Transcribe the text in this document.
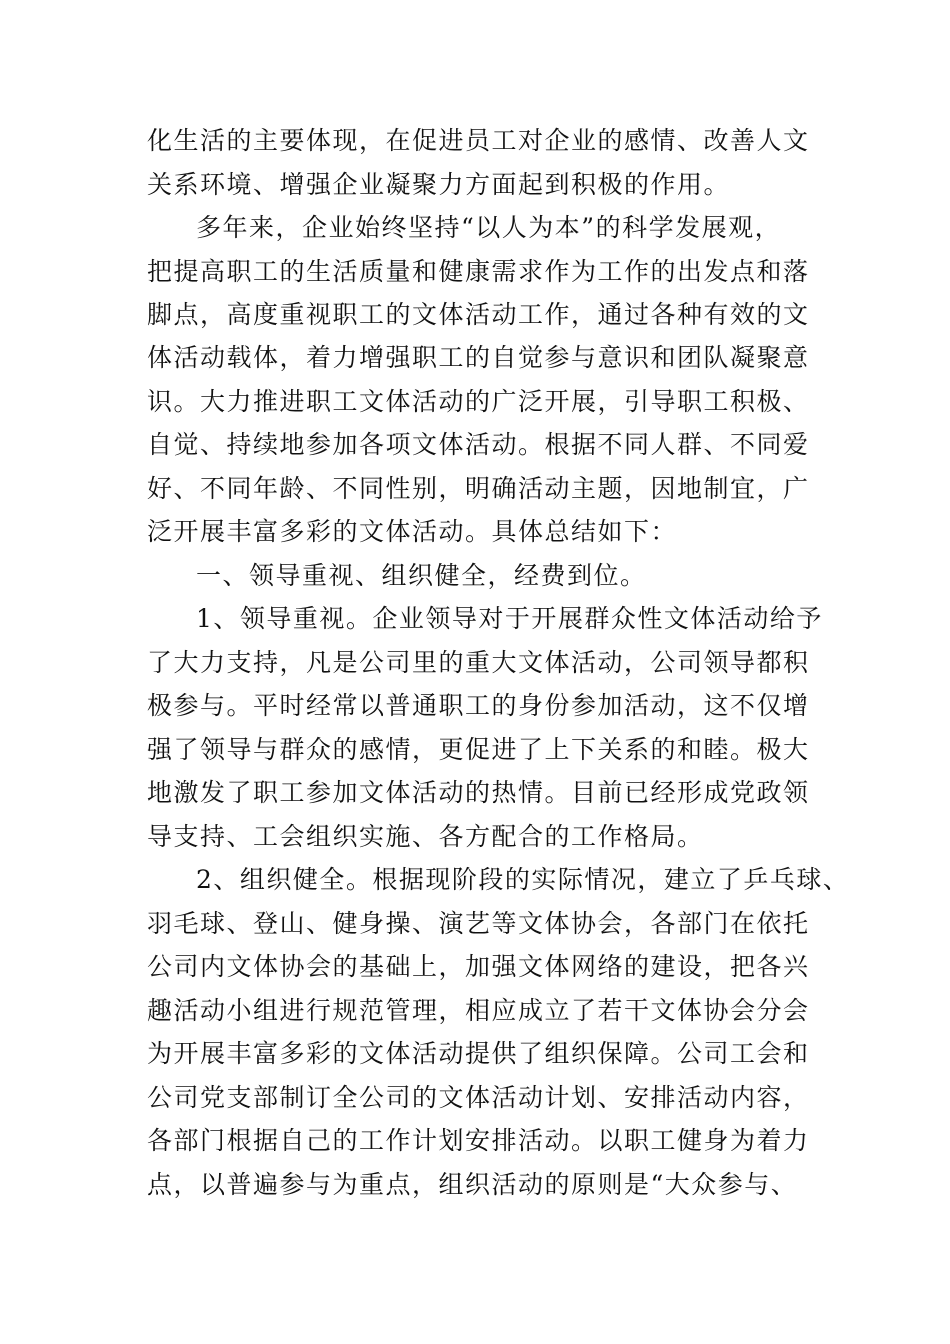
化生活的主要体现，在促进员工对企业的感情、改善人文
关系环境、增强企业凝聚力方面起到积极的作用。
多年来，企业始终坚持“以人为本”的科学发展观，
把提高职工的生活质量和健康需求作为工作的出发点和落
脚点，高度重视职工的文体活动工作，通过各种有效的文
体活动载体，着力增强职工的自觉参与意识和团队凝聚意
识。大力推进职工文体活动的广泛开展，引导职工积极、
自觉、持续地参加各项文体活动。根据不同人群、不同爱
好、不同年龄、不同性别，明确活动主题，因地制宜，广
泛开展丰富多彩的文体活动。具体总结如下：
一、领导重视、组织健全，经费到位。
1、领导重视。企业领导对于开展群众性文体活动给予
了大力支持，凡是公司里的重大文体活动，公司领导都积
极参与。平时经常以普通职工的身份参加活动，这不仅增
强了领导与群众的感情，更促进了上下关系的和睦。极大
地激发了职工参加文体活动的热情。目前已经形成党政领
导支持、工会组织实施、各方配合的工作格局。
2、组织健全。根据现阶段的实际情况，建立了乒乓球、
羽毛球、登山、健身操、演艺等文体协会，各部门在依托
公司内文体协会的基础上，加强文体网络的建设，把各兴
趣活动小组进行规范管理，相应成立了若干文体协会分会
为开展丰富多彩的文体活动提供了组织保障。公司工会和
公司党支部制订全公司的文体活动计划、安排活动内容，
各部门根据自己的工作计划安排活动。以职工健身为着力
点，以普遍参与为重点，组织活动的原则是“大众参与、
